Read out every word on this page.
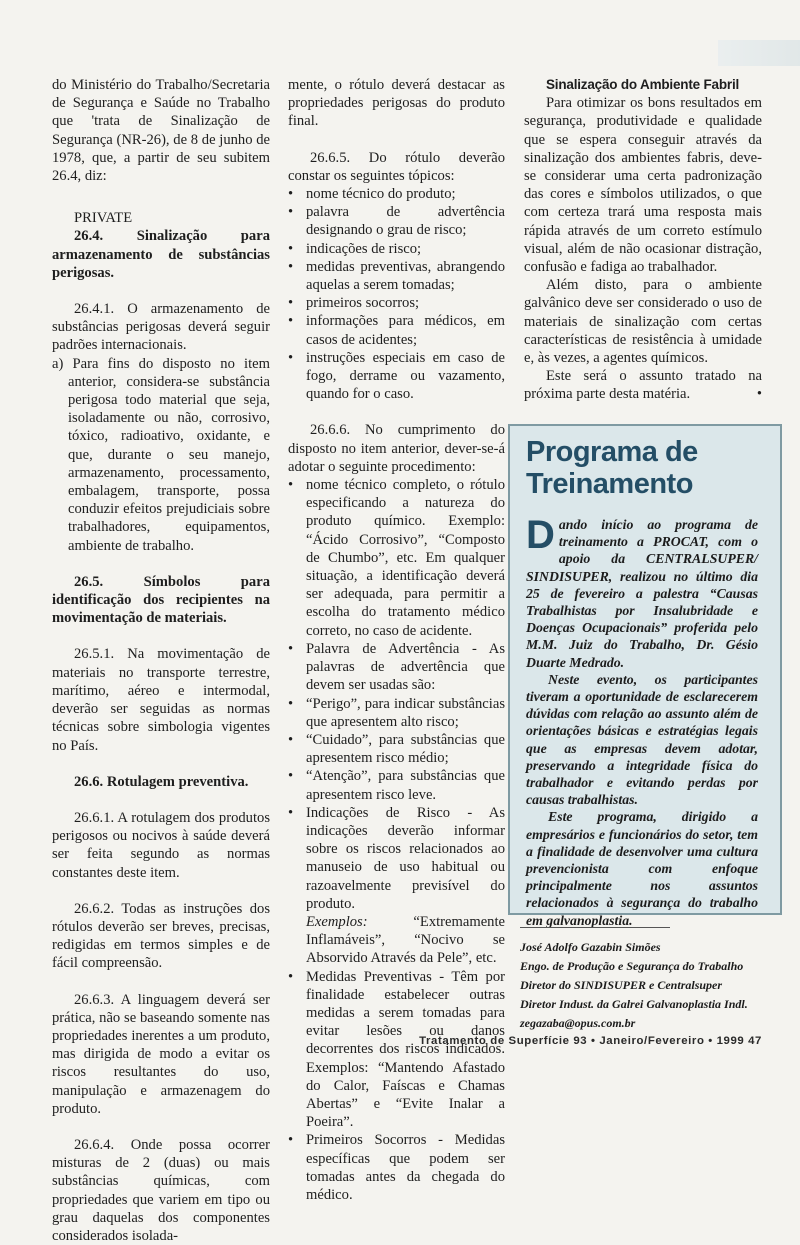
do Ministério do Trabalho/Secretaria de Segurança e Saúde no Trabalho que 'trata de Sinalização de Segurança (NR-26), de 8 de junho de 1978, que, a partir de seu subitem 26.4, diz:

PRIVATE

26.4. Sinalização para armazenamento de substâncias perigosas.

26.4.1. O armazenamento de substâncias perigosas deverá seguir padrões internacionais.

a) Para fins do disposto no item anterior, considera-se substância perigosa todo material que seja, isoladamente ou não, corrosivo, tóxico, radioativo, oxidante, e que, durante o seu manejo, armazenamento, processamento, embalagem, transporte, possa conduzir efeitos prejudiciais sobre trabalhadores, equipamentos, ambiente de trabalho.

26.5. Símbolos para identificação dos recipientes na movimentação de materiais.

26.5.1. Na movimentação de materiais no transporte terrestre, marítimo, aéreo e intermodal, deverão ser seguidas as normas técnicas sobre simbologia vigentes no País.

26.6. Rotulagem preventiva.

26.6.1. A rotulagem dos produtos perigosos ou nocivos à saúde deverá ser feita segundo as normas constantes deste item.

26.6.2. Todas as instruções dos rótulos deverão ser breves, precisas, redigidas em termos simples e de fácil compreensão.

26.6.3. A linguagem deverá ser prática, não se baseando somente nas propriedades inerentes a um produto, mas dirigida de modo a evitar os riscos resultantes do uso, manipulação e armazenagem do produto.

26.6.4. Onde possa ocorrer misturas de 2 (duas) ou mais substâncias químicas, com propriedades que variem em tipo ou grau daquelas dos componentes considerados isolada-

mente, o rótulo deverá destacar as propriedades perigosas do produto final.

26.6.5. Do rótulo deverão constar os seguintes tópicos:

• nome técnico do produto;
• palavra de advertência designando o grau de risco;
• indicações de risco;
• medidas preventivas, abrangendo aquelas a serem tomadas;
• primeiros socorros;
• informações para médicos, em casos de acidentes;
• instruções especiais em caso de fogo, derrame ou vazamento, quando for o caso.

26.6.6. No cumprimento do disposto no item anterior, dever-se-á adotar o seguinte procedimento:

• nome técnico completo, o rótulo especificando a natureza do produto químico. Exemplo: “Ácido Corrosivo”, “Composto de Chumbo”, etc. Em qualquer situação, a identificação deverá ser adequada, para permitir a escolha do tratamento médico correto, no caso de acidente.
• Palavra de Advertência - As palavras de advertência que devem ser usadas são:
• “Perigo”, para indicar substâncias que apresentem alto risco;
• “Cuidado”, para substâncias que apresentem risco médio;
• “Atenção”, para substâncias que apresentem risco leve.
• Indicações de Risco - As indicações deverão informar sobre os riscos relacionados ao manuseio de uso habitual ou razoavelmente previsível do produto.

Exemplos: “Extremamente Inflamáveis”, “Nocivo se Absorvido Através da Pele”, etc.

• Medidas Preventivas - Têm por finalidade estabelecer outras medidas a serem tomadas para evitar lesões ou danos decorrentes dos riscos indicados. Exemplos: “Mantendo Afastado do Calor, Faíscas e Chamas Abertas” e “Evite Inalar a Poeira”.
• Primeiros Socorros - Medidas específicas que podem ser tomadas antes da chegada do médico.

Sinalização do Ambiente Fabril

Para otimizar os bons resultados em segurança, produtividade e qualidade que se espera conseguir através da sinalização dos ambientes fabris, deve-se considerar uma certa padronização das cores e símbolos utilizados, o que com certeza trará uma resposta mais rápida através de um correto estímulo visual, além de não ocasionar distração, confusão e fadiga ao trabalhador.

Além disto, para o ambiente galvânico deve ser considerado o uso de materiais de sinalização com certas características de resistência à umidade e, às vezes, a agentes químicos.

Este será o assunto tratado na próxima parte desta matéria.	•

Programa de Treinamento

Dando início ao programa de treinamento a PROCAT, com o apoio da CENTRALSUPER/ SINDISUPER, realizou no último dia 25 de fevereiro a palestra “Causas Trabalhistas por Insalubridade e Doenças Ocupacionais” proferida pelo M.M. Juiz do Trabalho, Dr. Gésio Duarte Medrado.

Neste evento, os participantes tiveram a oportunidade de esclarecerem dúvidas com relação ao assunto além de orientações básicas e estratégias legais que as empresas devem adotar, preservando a integridade física do trabalhador e evitando perdas por causas trabalhistas.

Este programa, dirigido a empresários e funcionários do setor, tem a finalidade de desenvolver uma cultura prevencionista com enfoque principalmente nos assuntos relacionados à segurança do trabalho em galvanoplastia.

José Adolfo Gazabin Simões
Engo. de Produção e Segurança do Trabalho
Diretor do SINDISUPER e Centralsuper
Diretor Indust. da Galrei Galvanoplastia Indl.
zegazaba@opus.com.br
Tratamento de Superfície 93 • Janeiro/Fevereiro • 1999 47
